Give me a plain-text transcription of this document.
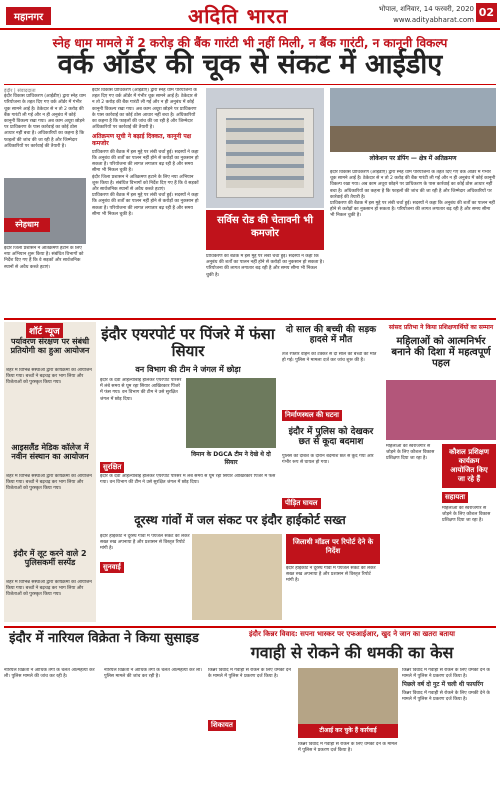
महानगर	अदिति भारत	भोपाल, शनिवार, 14 फरवरी, 2020
www.adityabharat.com
02
स्नेह धाम मामले में 2 करोड़ की बैंक गारंटी भी नहीं मिली, न बैंक गारंटी, न कानूनी विकल्प
वर्क ऑर्डर की चूक से संकट में आईडीए
इंदौर | संवाददाता
इंदौर विकास प्राधिकरण (आईडीए) द्वारा स्नेह धाम परियोजना के तहत दिए गए वर्क ऑर्डर में गंभीर चूक सामने आई है। ठेकेदार से न तो 2 करोड़ की बैंक गारंटी ली गई और न ही अनुबंध में कोई कानूनी विकल्प रखा गया। अब काम अधूरा छोड़ने पर प्राधिकरण के पास कार्रवाई का कोई ठोस आधार नहीं बचा है। अधिकारियों का कहना है कि फाइलों की जांच की जा रही है और जिम्मेदार अधिकारियों पर कार्रवाई की तैयारी है।
स्नेहधाम
इंदौर जिला प्रशासन ने अतिक्रमण हटाने के लिए नया अभियान शुरू किया है। संबंधित विभागों को निर्देश दिए गए हैं कि वे सड़कों और सार्वजनिक स्थानों से अवैध कब्जे हटाएं।
इंदौर विकास प्राधिकरण (आईडीए) द्वारा स्नेह धाम परियोजना के तहत दिए गए वर्क ऑर्डर में गंभीर चूक सामने आई है। ठेकेदार से न तो 2 करोड़ की बैंक गारंटी ली गई और न ही अनुबंध में कोई कानूनी विकल्प रखा गया। अब काम अधूरा छोड़ने पर प्राधिकरण के पास कार्रवाई का कोई ठोस आधार नहीं बचा है। अधिकारियों का कहना है कि फाइलों की जांच की जा रही है और जिम्मेदार अधिकारियों पर कार्रवाई की तैयारी है।
अतिक्रमण सूची ने बढ़ाई दिक्कत, कानूनी पक्ष कमजोर
प्राधिकरण की बैठक में इस मुद्दे पर लंबी चर्चा हुई। सदस्यों ने कहा कि अनुबंध की शर्तों का पालन नहीं होने से करोड़ों का नुकसान हो सकता है। परियोजना की लागत लगातार बढ़ रही है और समय सीमा भी निकल चुकी है।
इंदौर जिला प्रशासन ने अतिक्रमण हटाने के लिए नया अभियान शुरू किया है। संबंधित विभागों को निर्देश दिए गए हैं कि वे सड़कों और सार्वजनिक स्थानों से अवैध कब्जे हटाएं।
प्राधिकरण की बैठक में इस मुद्दे पर लंबी चर्चा हुई। सदस्यों ने कहा कि अनुबंध की शर्तों का पालन नहीं होने से करोड़ों का नुकसान हो सकता है। परियोजना की लागत लगातार बढ़ रही है और समय सीमा भी निकल चुकी है।
सर्विस रोड की चेतावनी भी कमजोर
प्राधिकरण की बैठक में इस मुद्दे पर लंबी चर्चा हुई। सदस्यों ने कहा कि अनुबंध की शर्तों का पालन नहीं होने से करोड़ों का नुकसान हो सकता है। परियोजना की लागत लगातार बढ़ रही है और समय सीमा भी निकल चुकी है।
लोकेशन पर डंपिंग — क्षेत्र में अतिक्रमण
इंदौर विकास प्राधिकरण (आईडीए) द्वारा स्नेह धाम परियोजना के तहत दिए गए वर्क ऑर्डर में गंभीर चूक सामने आई है। ठेकेदार से न तो 2 करोड़ की बैंक गारंटी ली गई और न ही अनुबंध में कोई कानूनी विकल्प रखा गया। अब काम अधूरा छोड़ने पर प्राधिकरण के पास कार्रवाई का कोई ठोस आधार नहीं बचा है। अधिकारियों का कहना है कि फाइलों की जांच की जा रही है और जिम्मेदार अधिकारियों पर कार्रवाई की तैयारी है।
प्राधिकरण की बैठक में इस मुद्दे पर लंबी चर्चा हुई। सदस्यों ने कहा कि अनुबंध की शर्तों का पालन नहीं होने से करोड़ों का नुकसान हो सकता है। परियोजना की लागत लगातार बढ़ रही है और समय सीमा भी निकल चुकी है।
शॉर्ट न्यूज
पर्यावरण संरक्षण पर संबंधी प्रतियोगी का हुआ आयोजन
शहर में विभिन्न संस्थाओं द्वारा कार्यक्रमों का आयोजन किया गया। बच्चों ने बढ़चढ़ कर भाग लिया और विजेताओं को पुरस्कृत किया गया।
आइसलैंड मेडिक कॉलेज में नवीन संस्थान का आयोजन
शहर में विभिन्न संस्थाओं द्वारा कार्यक्रमों का आयोजन किया गया। बच्चों ने बढ़चढ़ कर भाग लिया और विजेताओं को पुरस्कृत किया गया।
इंदौर में लूट करने वाले 2 पुलिसकर्मी सस्पेंड
शहर में विभिन्न संस्थाओं द्वारा कार्यक्रमों का आयोजन किया गया। बच्चों ने बढ़चढ़ कर भाग लिया और विजेताओं को पुरस्कृत किया गया।
इंदौर एयरपोर्ट पर पिंजरे में फंसा सियार
वन विभाग की टीम ने जंगल में छोड़ा
इंदौर के देवी अहिल्याबाई होलकर एयरपोर्ट परिसर में लंबे समय से घूम रहा सियार आखिरकार पिंजरे में फंस गया। वन विभाग की टीम ने उसे सुरक्षित जंगल में छोड़ दिया।
सुरक्षित
विमान के DGCA टीम ने देखे थे दो सियार
इंदौर के देवी अहिल्याबाई होलकर एयरपोर्ट परिसर में लंबे समय से घूम रहा सियार आखिरकार पिंजरे में फंस गया। वन विभाग की टीम ने उसे सुरक्षित जंगल में छोड़ दिया।
दो साल की बच्ची की सड़क हादसे में मौत
तेज रफ्तार वाहन की टक्कर से दो साल की बच्ची की मौत हो गई। पुलिस ने मामला दर्ज कर जांच शुरू की है।
निर्माणस्थल की घटना
इंदौर में पुलिस को देखकर छत से कूदा बदमाश
पुलिस की दबिश के दौरान बदमाश छत से कूद गया और गंभीर रूप से घायल हो गया।
पीड़ित घायल
सांसद प्रतिभा ने किया प्रशिक्षणार्थियों का सम्मान
महिलाओं को आत्मनिर्भर बनाने की दिशा में महत्वपूर्ण पहल
महिलाओं को स्वरोजगार से जोड़ने के लिए कौशल विकास प्रशिक्षण दिया जा रहा है।
कौशल प्रशिक्षण कार्यक्रम आयोजित किए जा रहे हैं
सहायता
महिलाओं को स्वरोजगार से जोड़ने के लिए कौशल विकास प्रशिक्षण दिया जा रहा है।
दूरस्थ गांवों में जल संकट पर इंदौर हाईकोर्ट सख्त
इंदौर हाईकोर्ट ने दूरस्थ गांवों में पेयजल संकट को लेकर सख्त रुख अपनाया है और प्रशासन से विस्तृत रिपोर्ट मांगी है।
सुनवाई
जिलाधी मॉडल पर रिपोर्ट देने के निर्देश
इंदौर हाईकोर्ट ने दूरस्थ गांवों में पेयजल संकट को लेकर सख्त रुख अपनाया है और प्रशासन से विस्तृत रिपोर्ट मांगी है।
इंदौर में नारियल विक्रेता ने किया सुसाइड
नारियल विक्रेता ने आर्थिक तंगी के चलते आत्महत्या कर ली। पुलिस मामले की जांच कर रही है।
नारियल विक्रेता ने आर्थिक तंगी के चलते आत्महत्या कर ली। पुलिस मामले की जांच कर रही है।
इंदौर किन्नर विवाद: सपना भास्कर पर एफआईआर, खुद ने जान का खतरा बताया
गवाही से रोकने की धमकी का केस
किन्नर विवाद में गवाही से रोकने के लिए धमकी देने के मामले में पुलिस ने प्रकरण दर्ज किया है।
शिकायत
टीआई कर चुके हैं कार्रवाई
किन्नर विवाद में गवाही से रोकने के लिए धमकी देने के मामले में पुलिस ने प्रकरण दर्ज किया है।
किन्नर विवाद में गवाही से रोकने के लिए धमकी देने के मामले में पुलिस ने प्रकरण दर्ज किया है।
पिछले वर्ष दो गुट में चली थी फायरिंग
किन्नर विवाद में गवाही से रोकने के लिए धमकी देने के मामले में पुलिस ने प्रकरण दर्ज किया है।
